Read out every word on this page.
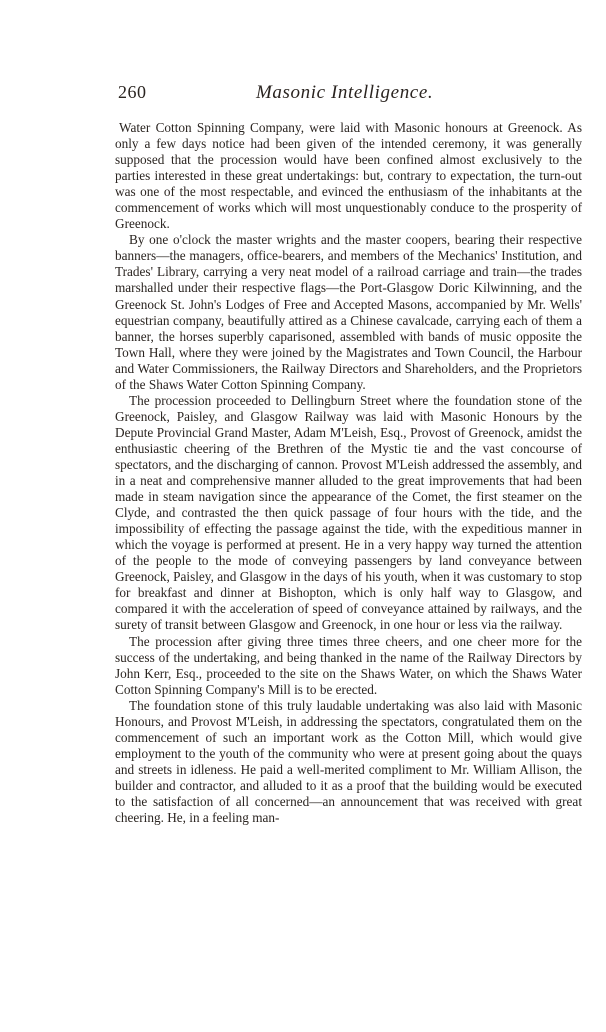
260	Masonic Intelligence.

Water Cotton Spinning Company, were laid with Masonic honours at Greenock. As only a few days notice had been given of the intended ceremony, it was generally supposed that the procession would have been confined almost exclusively to the parties interested in these great undertakings: but, contrary to expectation, the turn-out was one of the most respectable, and evinced the enthusiasm of the inhabitants at the commencement of works which will most unquestionably conduce to the prosperity of Greenock.

By one o'clock the master wrights and the master coopers, bearing their respective banners—the managers, office-bearers, and members of the Mechanics' Institution, and Trades' Library, carrying a very neat model of a railroad carriage and train—the trades marshalled under their respective flags—the Port-Glasgow Doric Kilwinning, and the Greenock St. John's Lodges of Free and Accepted Masons, accompanied by Mr. Wells' equestrian company, beautifully attired as a Chinese cavalcade, carrying each of them a banner, the horses superbly caparisoned, assembled with bands of music opposite the Town Hall, where they were joined by the Magistrates and Town Council, the Harbour and Water Commissioners, the Railway Directors and Shareholders, and the Proprietors of the Shaws Water Cotton Spinning Company.

The procession proceeded to Dellingburn Street where the foundation stone of the Greenock, Paisley, and Glasgow Railway was laid with Masonic Honours by the Depute Provincial Grand Master, Adam M'Leish, Esq., Provost of Greenock, amidst the enthusiastic cheering of the Brethren of the Mystic tie and the vast concourse of spectators, and the discharging of cannon. Provost M'Leish addressed the assembly, and in a neat and comprehensive manner alluded to the great improvements that had been made in steam navigation since the appearance of the Comet, the first steamer on the Clyde, and contrasted the then quick passage of four hours with the tide, and the impossibility of effecting the passage against the tide, with the expeditious manner in which the voyage is performed at present. He in a very happy way turned the attention of the people to the mode of conveying passengers by land conveyance between Greenock, Paisley, and Glasgow in the days of his youth, when it was customary to stop for breakfast and dinner at Bishopton, which is only half way to Glasgow, and compared it with the acceleration of speed of conveyance attained by railways, and the surety of transit between Glasgow and Greenock, in one hour or less via the railway.

The procession after giving three times three cheers, and one cheer more for the success of the undertaking, and being thanked in the name of the Railway Directors by John Kerr, Esq., proceeded to the site on the Shaws Water, on which the Shaws Water Cotton Spinning Company's Mill is to be erected.

The foundation stone of this truly laudable undertaking was also laid with Masonic Honours, and Provost M'Leish, in addressing the spectators, congratulated them on the commencement of such an important work as the Cotton Mill, which would give employment to the youth of the community who were at present going about the quays and streets in idleness. He paid a well-merited compliment to Mr. William Allison, the builder and contractor, and alluded to it as a proof that the building would be executed to the satisfaction of all concerned—an announcement that was received with great cheering. He, in a feeling man-
